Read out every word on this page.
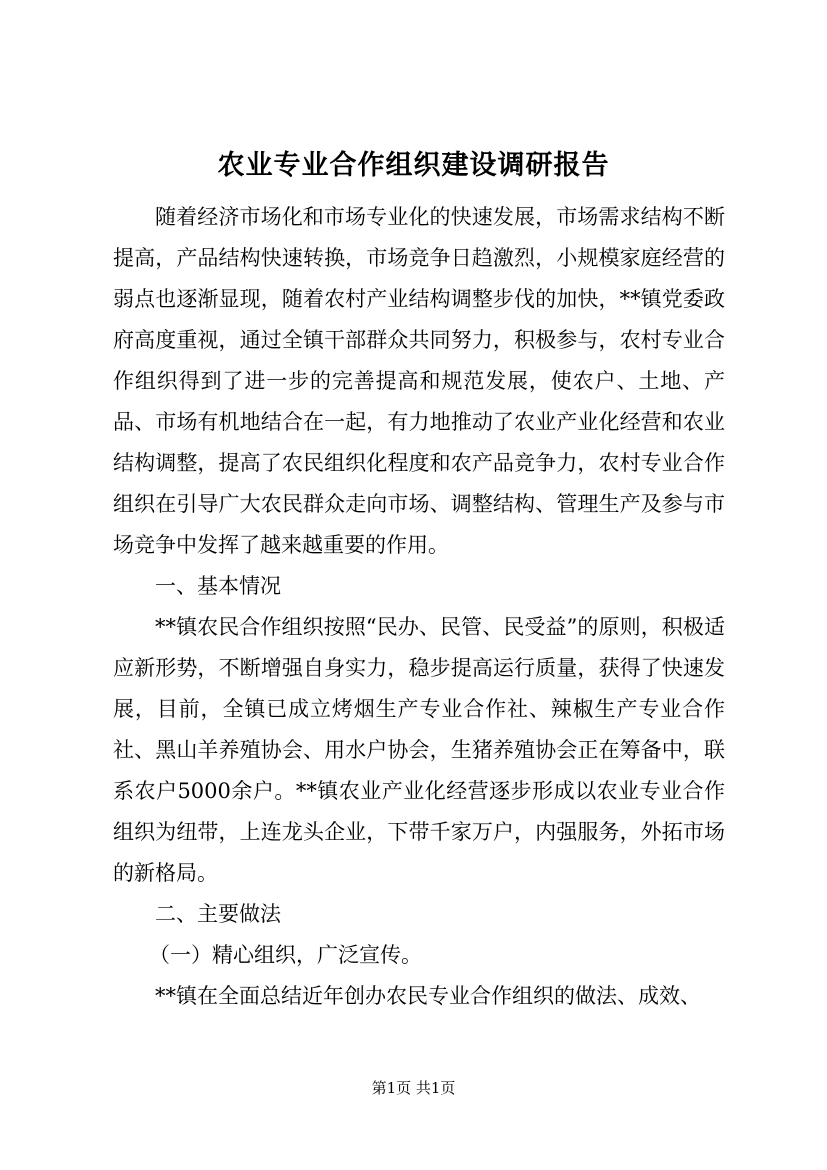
农业专业合作组织建设调研报告

随着经济市场化和市场专业化的快速发展，市场需求结构不断提高，产品结构快速转换，市场竞争日趋激烈，小规模家庭经营的弱点也逐渐显现，随着农村产业结构调整步伐的加快，**镇党委政府高度重视，通过全镇干部群众共同努力，积极参与，农村专业合作组织得到了进一步的完善提高和规范发展，使农户、土地、产品、市场有机地结合在一起，有力地推动了农业产业化经营和农业结构调整，提高了农民组织化程度和农产品竞争力，农村专业合作组织在引导广大农民群众走向市场、调整结构、管理生产及参与市场竞争中发挥了越来越重要的作用。

一、基本情况

**镇农民合作组织按照“民办、民管、民受益”的原则，积极适应新形势，不断增强自身实力，稳步提高运行质量，获得了快速发展，目前，全镇已成立烤烟生产专业合作社、辣椒生产专业合作社、黑山羊养殖协会、用水户协会，生猪养殖协会正在筹备中，联系农户5000余户。**镇农业产业化经营逐步形成以农业专业合作组织为纽带，上连龙头企业，下带千家万户，内强服务，外拓市场的新格局。

二、主要做法

（一）精心组织，广泛宣传。

**镇在全面总结近年创办农民专业合作组织的做法、成效、

第1页 共1页
